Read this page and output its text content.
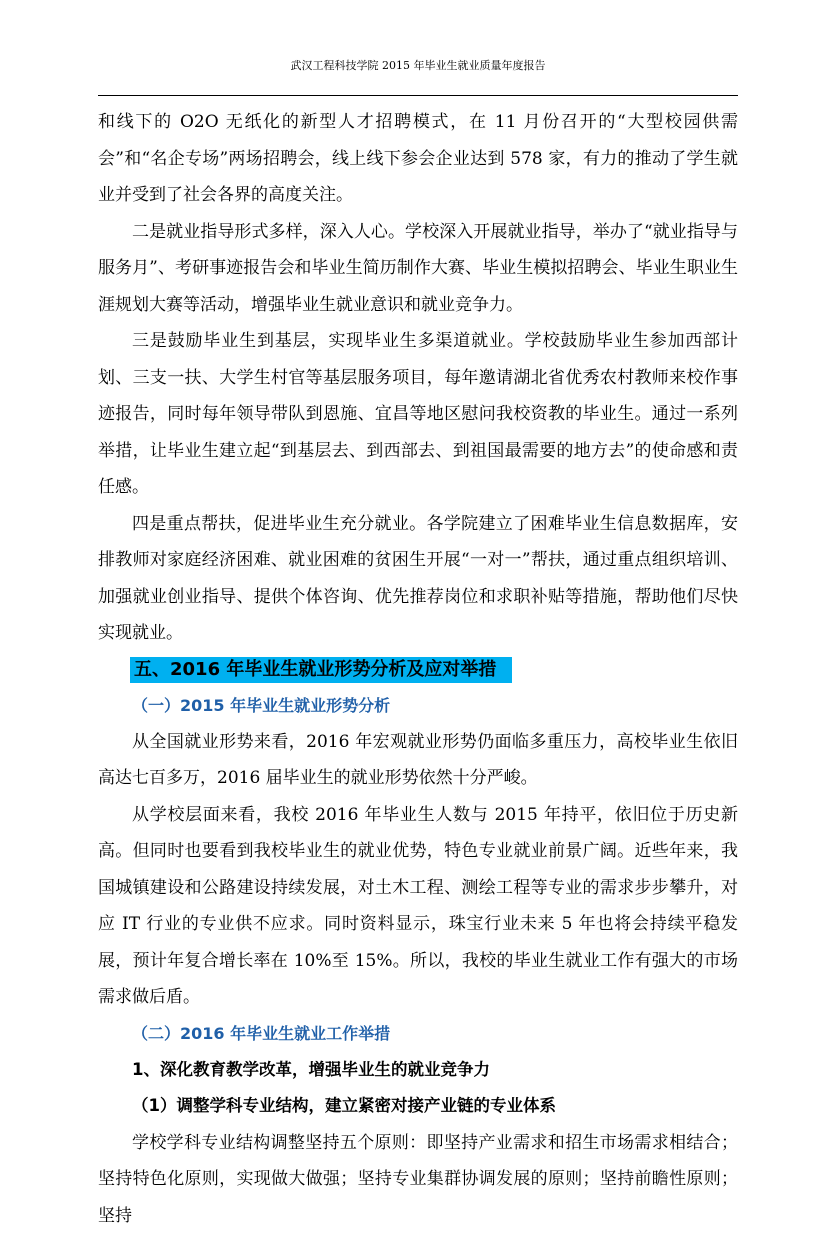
武汉工程科技学院 2015 年毕业生就业质量年度报告

和线下的 O2O 无纸化的新型人才招聘模式，在 11 月份召开的“大型校园供需会”和“名企专场”两场招聘会，线上线下参会企业达到 578 家，有力的推动了学生就业并受到了社会各界的高度关注。

二是就业指导形式多样，深入人心。学校深入开展就业指导，举办了“就业指导与服务月”、考研事迹报告会和毕业生简历制作大赛、毕业生模拟招聘会、毕业生职业生涯规划大赛等活动，增强毕业生就业意识和就业竞争力。

三是鼓励毕业生到基层，实现毕业生多渠道就业。学校鼓励毕业生参加西部计划、三支一扶、大学生村官等基层服务项目，每年邀请湖北省优秀农村教师来校作事迹报告，同时每年领导带队到恩施、宜昌等地区慰问我校资教的毕业生。通过一系列举措，让毕业生建立起“到基层去、到西部去、到祖国最需要的地方去”的使命感和责任感。

四是重点帮扶，促进毕业生充分就业。各学院建立了困难毕业生信息数据库，安排教师对家庭经济困难、就业困难的贫困生开展“一对一”帮扶，通过重点组织培训、加强就业创业指导、提供个体咨询、优先推荐岗位和求职补贴等措施，帮助他们尽快实现就业。

五、2016 年毕业生就业形势分析及应对举措
（一）2015 年毕业生就业形势分析

从全国就业形势来看，2016 年宏观就业形势仍面临多重压力，高校毕业生依旧高达七百多万，2016 届毕业生的就业形势依然十分严峻。

从学校层面来看，我校 2016 年毕业生人数与 2015 年持平，依旧位于历史新高。但同时也要看到我校毕业生的就业优势，特色专业就业前景广阔。近些年来，我国城镇建设和公路建设持续发展，对土木工程、测绘工程等专业的需求步步攀升，对应 IT 行业的专业供不应求。同时资料显示，珠宝行业未来 5 年也将会持续平稳发展，预计年复合增长率在 10%至 15%。所以，我校的毕业生就业工作有强大的市场需求做后盾。

（二）2016 年毕业生就业工作举措
1、深化教育教学改革，增强毕业生的就业竞争力
（1）调整学科专业结构，建立紧密对接产业链的专业体系

学校学科专业结构调整坚持五个原则：即坚持产业需求和招生市场需求相结合；坚持特色化原则，实现做大做强；坚持专业集群协调发展的原则；坚持前瞻性原则；坚持
